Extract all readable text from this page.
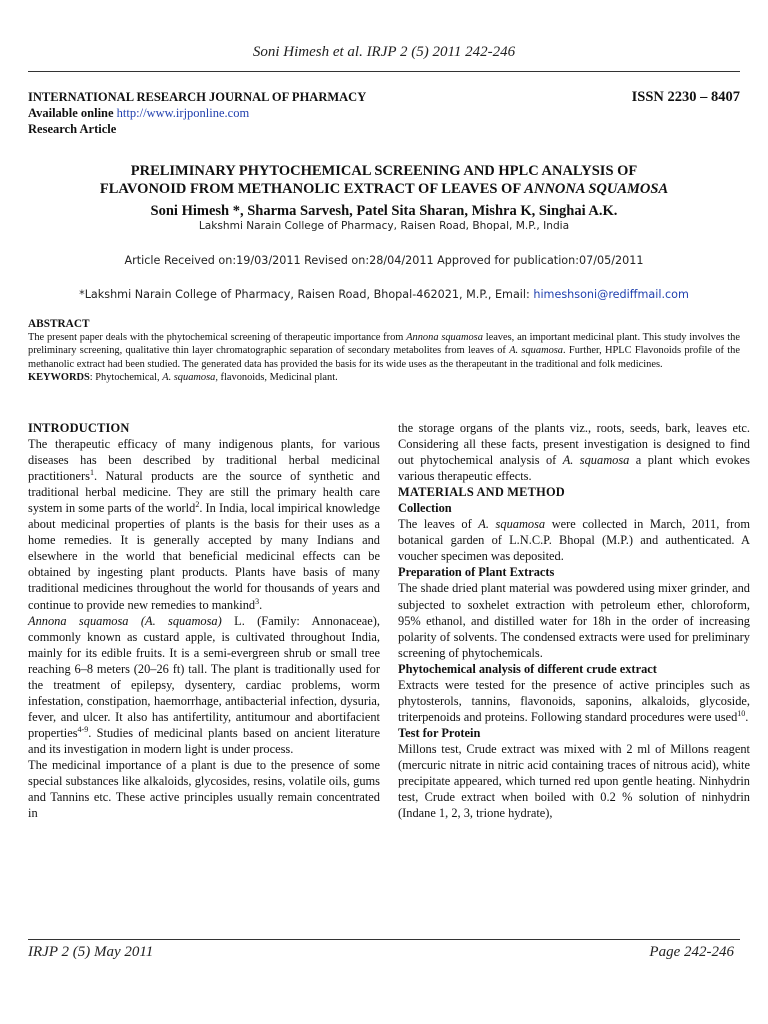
Soni Himesh et al. IRJP 2 (5) 2011 242-246
INTERNATIONAL RESEARCH JOURNAL OF PHARMACY	ISSN 2230 – 8407
Available online http://www.irjponline.com
Research Article
PRELIMINARY PHYTOCHEMICAL SCREENING AND HPLC ANALYSIS OF
FLAVONOID FROM METHANOLIC EXTRACT OF LEAVES OF ANNONA SQUAMOSA
Soni Himesh *, Sharma Sarvesh, Patel Sita Sharan, Mishra K, Singhai A.K.
Lakshmi Narain College of Pharmacy, Raisen Road, Bhopal, M.P., India
Article Received on:19/03/2011 Revised on:28/04/2011 Approved for publication:07/05/2011
*Lakshmi Narain College of Pharmacy, Raisen Road, Bhopal-462021, M.P., Email: himeshsoni@rediffmail.com
ABSTRACT

The present paper deals with the phytochemical screening of therapeutic importance from Annona squamosa leaves, an important medicinal plant. This study involves the preliminary screening, qualitative thin layer chromatographic separation of secondary metabolites from leaves of A. squamosa. Further, HPLC Flavonoids profile of the methanolic extract had been studied. The generated data has provided the basis for its wide uses as the therapeutant in the traditional and folk medicines.

KEYWORDS: Phytochemical, A. squamosa, flavonoids, Medicinal plant.

INTRODUCTION

The therapeutic efficacy of many indigenous plants, for various diseases has been described by traditional herbal medicinal practitioners$^1$. Natural products are the source of synthetic and traditional herbal medicine. They are still the primary health care system in some parts of the world$^2$. In India, local impirical knowledge about medicinal properties of plants is the basis for their uses as a home remedies. It is generally accepted by many Indians and elsewhere in the world that beneficial medicinal effects can be obtained by ingesting plant products. Plants have basis of many traditional medicines throughout the world for thousands of years and continue to provide new remedies to mankind$^3$.

Annona squamosa (A. squamosa) L. (Family: Annonaceae), commonly known as custard apple, is cultivated throughout India, mainly for its edible fruits. It is a semi-evergreen shrub or small tree reaching 6–8 meters (20–26 ft) tall. The plant is traditionally used for the treatment of epilepsy, dysentery, cardiac problems, worm infestation, constipation, haemorrhage, antibacterial infection, dysuria, fever, and ulcer. It also has antifertility, antitumour and abortifacient properties$^{4-9}$. Studies of medicinal plants based on ancient literature and its investigation in modern light is under process.

The medicinal importance of a plant is due to the presence of some special substances like alkaloids, glycosides, resins, volatile oils, gums and Tannins etc. These active principles usually remain concentrated in

the storage organs of the plants viz., roots, seeds, bark, leaves etc. Considering all these facts, present investigation is designed to find out phytochemical analysis of A. squamosa a plant which evokes various therapeutic effects.

MATERIALS AND METHOD
Collection

The leaves of A. squamosa were collected in March, 2011, from botanical garden of L.N.C.P. Bhopal (M.P.) and authenticated. A voucher specimen was deposited.

Preparation of Plant Extracts

The shade dried plant material was powdered using mixer grinder, and subjected to soxhelet extraction with petroleum ether, chloroform, 95% ethanol, and distilled water for 18h in the order of increasing polarity of solvents. The condensed extracts were used for preliminary screening of phytochemicals.

Phytochemical analysis of different crude extract

Extracts were tested for the presence of active principles such as phytosterols, tannins, flavonoids, saponins, alkaloids, glycoside, triterpenoids and proteins. Following standard procedures were used$^{10}$.

Test for Protein

Millons test, Crude extract was mixed with 2 ml of Millons reagent (mercuric nitrate in nitric acid containing traces of nitrous acid), white precipitate appeared, which turned red upon gentle heating. Ninhydrin test, Crude extract when boiled with 0.2 % solution of ninhydrin (Indane 1, 2, 3, trione hydrate),

IRJP 2 (5) May 2011	Page 242-246
